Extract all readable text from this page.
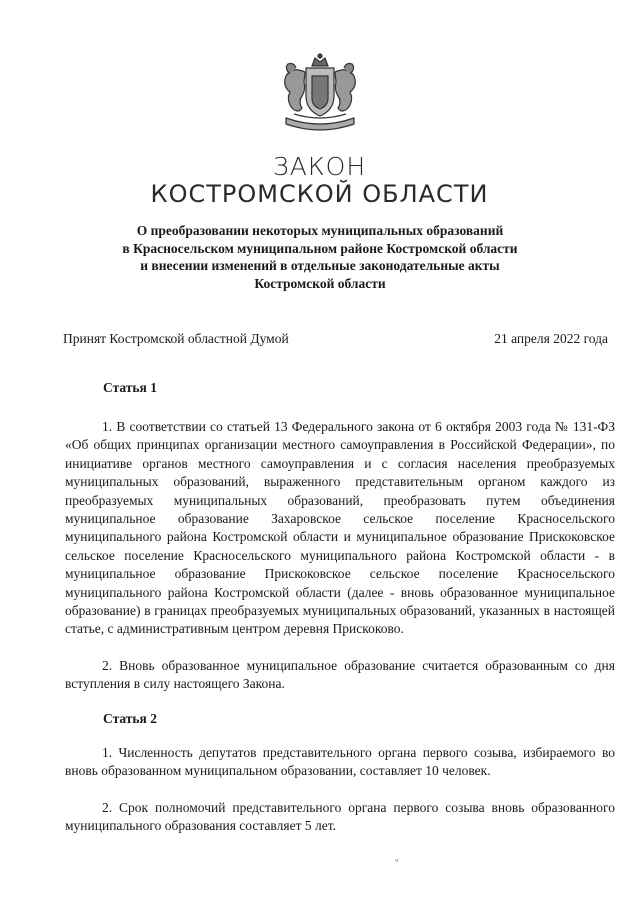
ЗАКОН
КОСТРОМСКОЙ ОБЛАСТИ
О преобразовании некоторых муниципальных образований
в Красносельском муниципальном районе Костромской области
и внесении изменений в отдельные законодательные акты
Костромской области
Принят Костромской областной Думой	21 апреля 2022 года
Статья 1
1. В соответствии со статьей 13 Федерального закона от 6 октября 2003 года № 131-ФЗ «Об общих принципах организации местного самоуправления в Российской Федерации», по инициативе органов местного самоуправления и с согласия населения преобразуемых муниципальных образований, выраженного представительным органом каждого из преобразуемых муниципальных образований, преобразовать путем объединения муниципальное образование Захаровское сельское поселение Красносельского муниципального района Костромской области и муниципальное образование Прискоковское сельское поселение Красносельского муниципального района Костромской области - в муниципальное образование Прискоковское сельское поселение Красносельского муниципального района Костромской области (далее - вновь образованное муниципальное образование) в границах преобразуемых муниципальных образований, указанных в настоящей статье, с административным центром деревня Прискоково.
2. Вновь образованное муниципальное образование считается образованным со дня вступления в силу настоящего Закона.
Статья 2
1. Численность депутатов представительного органа первого созыва, избираемого во вновь образованном муниципальном образовании, составляет 10 человек.
2. Срок полномочий представительного органа первого созыва вновь образованного муниципального образования составляет 5 лет.
"
